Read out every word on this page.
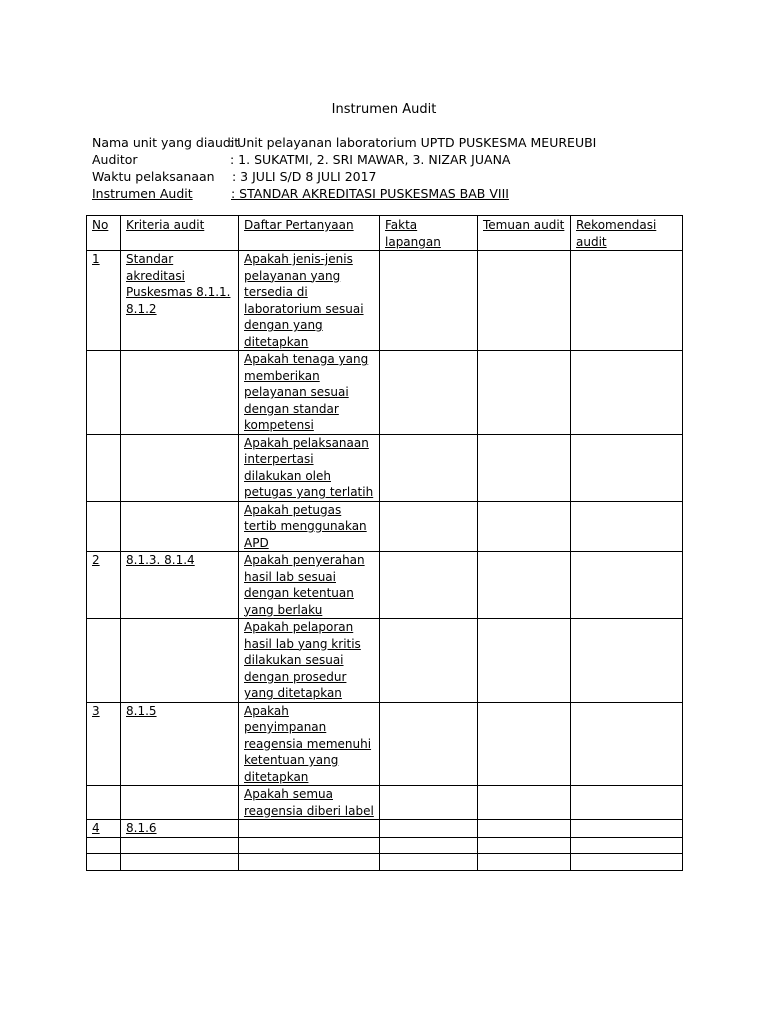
Instrumen Audit
Nama unit yang diaudit
: Unit pelayanan laboratorium UPTD PUSKESMA MEUREUBI
Auditor	: 1. SUKATMI, 2. SRI MAWAR, 3. NIZAR JUANA
Waktu pelaksanaan : 3 JULI S/D 8 JULI 2017
Instrumen Audit	: STANDAR AKREDITASI PUSKESMAS BAB VIII
No	Kriteria audit	Daftar Pertanyaan	Fakta lapangan	Temuan audit	Rekomendasi audit
1	Standar akreditasi Puskesmas 8.1.1. 8.1.2	Apakah jenis-jenis pelayanan yang tersedia di laboratorium sesuai dengan yang ditetapkan			
		Apakah tenaga yang memberikan pelayanan sesuai dengan standar kompetensi			
		Apakah pelaksanaan interpertasi dilakukan oleh petugas yang terlatih			
		Apakah petugas tertib menggunakan APD			
2	8.1.3. 8.1.4	Apakah penyerahan hasil lab sesuai dengan ketentuan yang berlaku			
		Apakah pelaporan hasil lab yang kritis dilakukan sesuai dengan prosedur yang ditetapkan			
3	8.1.5	Apakah penyimpanan reagensia memenuhi ketentuan yang ditetapkan			
		Apakah semua reagensia diberi label			
4	8.1.6				
